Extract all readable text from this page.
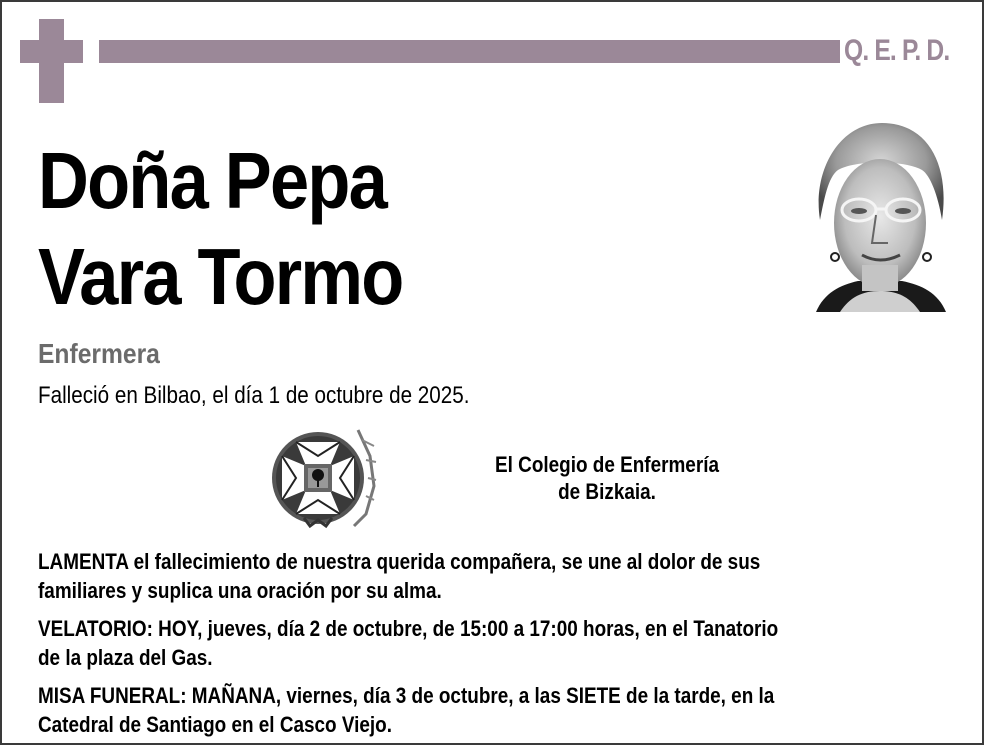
Q. E. P. D.
Doña Pepa
Vara Tormo
Enfermera
Falleció en Bilbao, el día 1 de octubre de 2025.
El Colegio de Enfermería
de Bizkaia.
LAMENTA el fallecimiento de nuestra querida compañera, se une al dolor de sus
familiares y suplica una oración por su alma.
VELATORIO: HOY, jueves, día 2 de octubre, de 15:00 a 17:00 horas, en el Tanatorio
de la plaza del Gas.
MISA FUNERAL: MAÑANA, viernes, día 3 de octubre, a las SIETE de la tarde, en la
Catedral de Santiago en el Casco Viejo.
